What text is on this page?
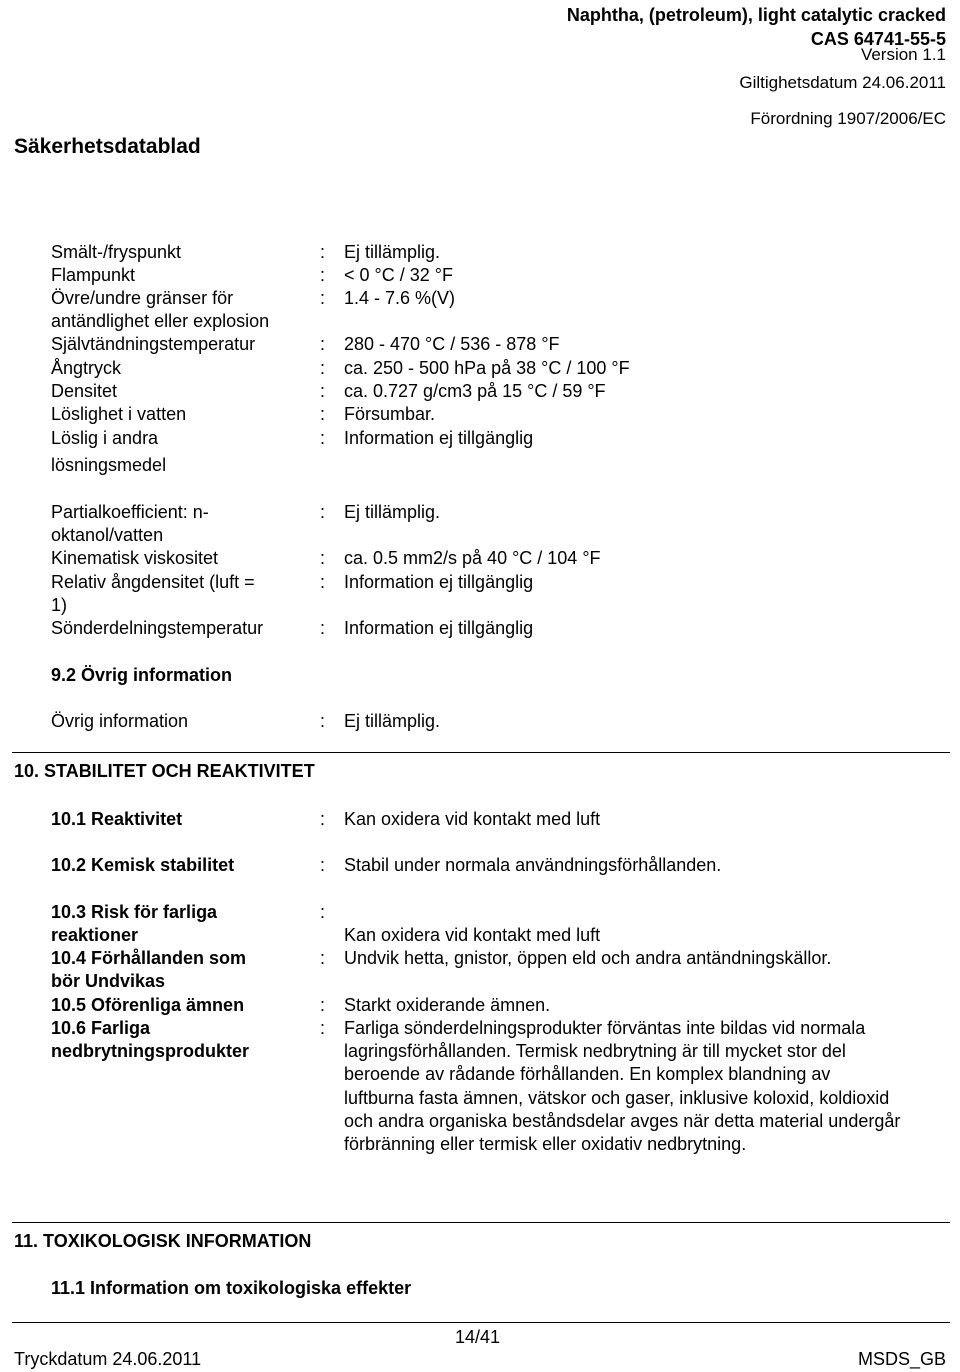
Naphtha, (petroleum), light catalytic cracked
CAS 64741-55-5
Version 1.1
Giltighetsdatum 24.06.2011
Förordning 1907/2006/EC
Säkerhetsdatablad
Smält-/fryspunkt	: Ej tillämplig.
Flampunkt	: < 0 °C / 32 °F
Övre/undre gränser för
antändlighet eller explosion
: 1.4 - 7.6 %(V)
Självtändningstemperatur	: 280 - 470 °C / 536 - 878 °F
Ångtryck	: ca. 250 - 500 hPa på 38 °C / 100 °F
Densitet	: ca. 0.727 g/cm3 på 15 °C / 59 °F
Löslighet i vatten	: Försumbar.
Löslig i andra
lösningsmedel
: Information ej tillgänglig
Partialkoefficient: n-
oktanol/vatten
: Ej tillämplig.
Kinematisk viskositet	: ca. 0.5 mm2/s på 40 °C / 104 °F
Relativ ångdensitet (luft =
1)
: Information ej tillgänglig
Sönderdelningstemperatur	: Information ej tillgänglig
9.2 Övrig information
Övrig information	: Ej tillämplig.
10. STABILITET OCH REAKTIVITET
10.1 Reaktivitet	: Kan oxidera vid kontakt med luft
10.2 Kemisk stabilitet	: Stabil under normala användningsförhållanden.
10.3 Risk för farliga
reaktioner
:
Kan oxidera vid kontakt med luft
10.4 Förhållanden som
bör Undvikas
: Undvik hetta, gnistor, öppen eld och andra antändningskällor.
10.5 Oförenliga ämnen	: Starkt oxiderande ämnen.
10.6 Farliga
nedbrytningsprodukter
: Farliga sönderdelningsprodukter förväntas inte bildas vid normala lagringsförhållanden. Termisk nedbrytning är till mycket stor del beroende av rådande förhållanden. En komplex blandning av luftburna fasta ämnen, vätskor och gaser, inklusive koloxid, koldioxid och andra organiska beståndsdelar avges när detta material undergår förbränning eller termisk eller oxidativ nedbrytning.
11. TOXIKOLOGISK INFORMATION
11.1 Information om toxikologiska effekter
14/41
Tryckdatum 24.06.2011	MSDS_GB
